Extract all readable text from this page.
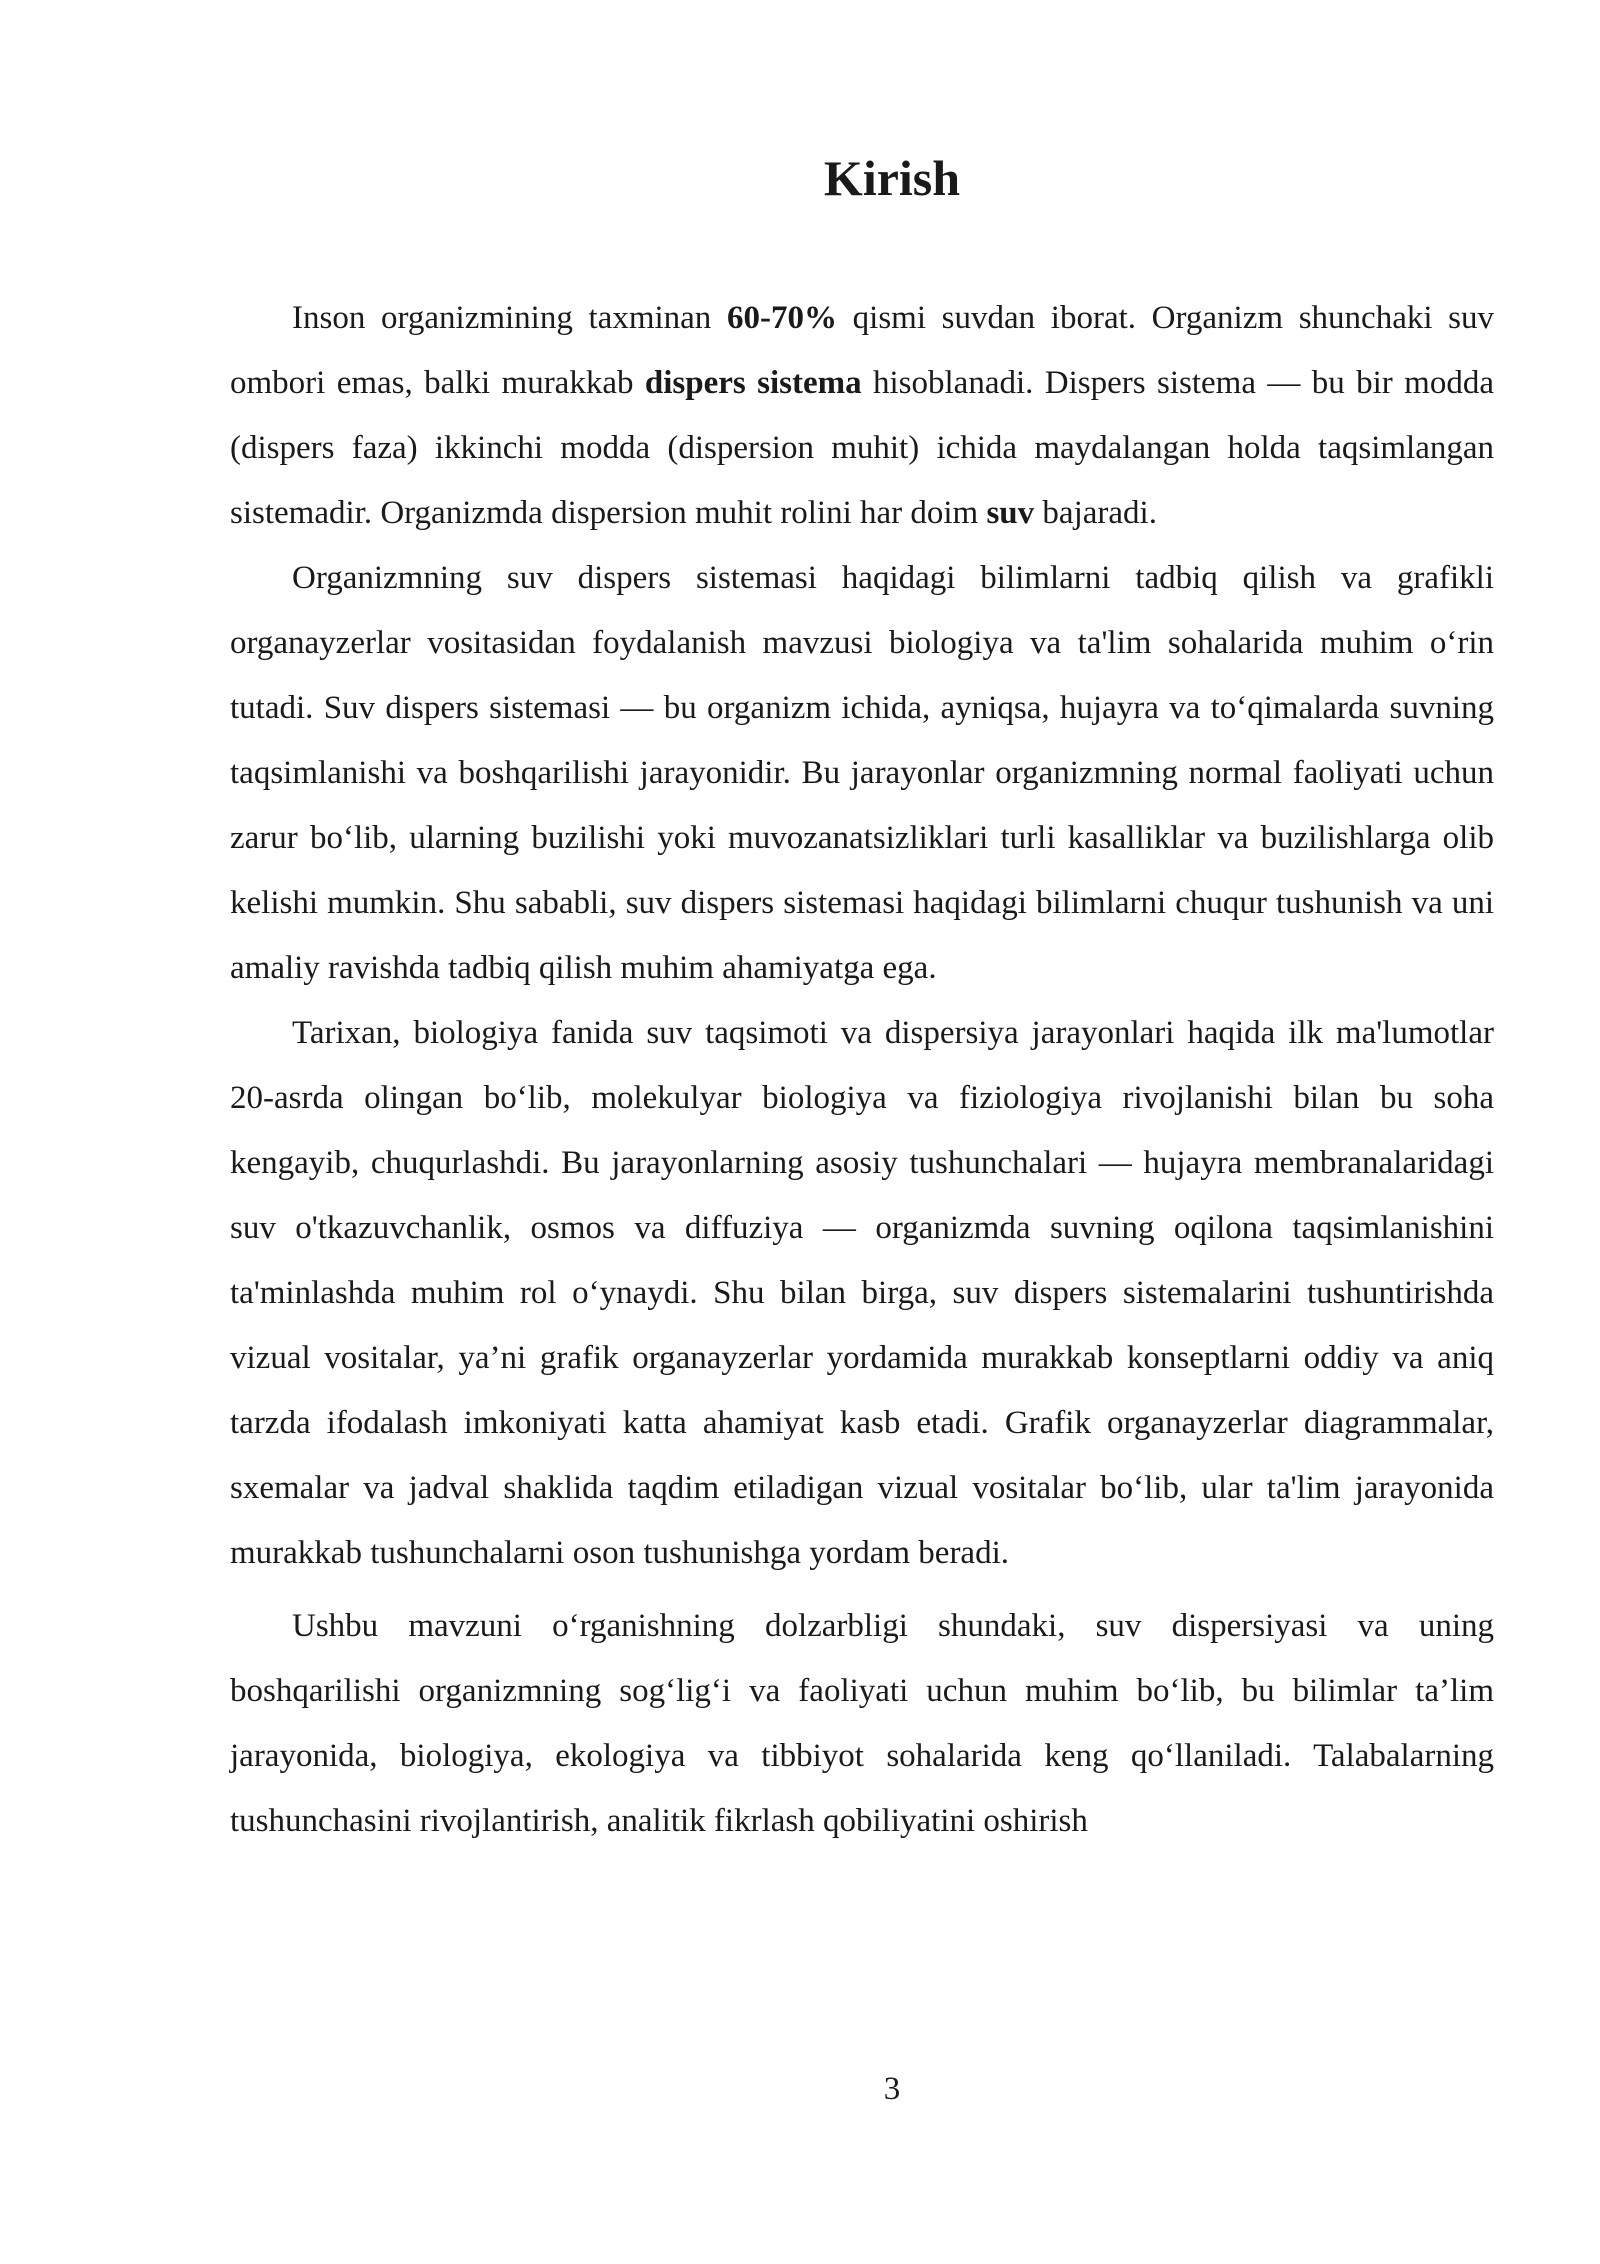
Kirish

Inson organizmining taxminan 60-70% qismi suvdan iborat. Organizm shunchaki suv ombori emas, balki murakkab dispers sistema hisoblanadi. Dispers sistema — bu bir modda (dispers faza) ikkinchi modda (dispersion muhit) ichida maydalangan holda taqsimlangan sistemadir. Organizmda dispersion muhit rolini har doim suv bajaradi.

Organizmning suv dispers sistemasi haqidagi bilimlarni tadbiq qilish va grafikli organayzerlar vositasidan foydalanish mavzusi biologiya va ta'lim sohalarida muhim o‘rin tutadi. Suv dispers sistemasi — bu organizm ichida, ayniqsa, hujayra va to‘qimalarda suvning taqsimlanishi va boshqarilishi jarayonidir. Bu jarayonlar organizmning normal faoliyati uchun zarur bo‘lib, ularning buzilishi yoki muvozanatsizliklari turli kasalliklar va buzilishlarga olib kelishi mumkin. Shu sababli, suv dispers sistemasi haqidagi bilimlarni chuqur tushunish va uni amaliy ravishda tadbiq qilish muhim ahamiyatga ega.

Tarixan, biologiya fanida suv taqsimoti va dispersiya jarayonlari haqida ilk ma'lumotlar 20-asrda olingan bo‘lib, molekulyar biologiya va fiziologiya rivojlanishi bilan bu soha kengayib, chuqurlashdi. Bu jarayonlarning asosiy tushunchalari — hujayra membranalaridagi suv o'tkazuvchanlik, osmos va diffuziya — organizmda suvning oqilona taqsimlanishini ta'minlashda muhim rol o‘ynaydi. Shu bilan birga, suv dispers sistemalarini tushuntirishda vizual vositalar, ya’ni grafik organayzerlar yordamida murakkab konseptlarni oddiy va aniq tarzda ifodalash imkoniyati katta ahamiyat kasb etadi. Grafik organayzerlar diagrammalar, sxemalar va jadval shaklida taqdim etiladigan vizual vositalar bo‘lib, ular ta'lim jarayonida murakkab tushunchalarni oson tushunishga yordam beradi.

Ushbu mavzuni o‘rganishning dolzarbligi shundaki, suv dispersiyasi va uning boshqarilishi organizmning sog‘lig‘i va faoliyati uchun muhim bo‘lib, bu bilimlar ta’lim jarayonida, biologiya, ekologiya va tibbiyot sohalarida keng qo‘llaniladi. Talabalarning tushunchasini rivojlantirish, analitik fikrlash qobiliyatini oshirish

3
